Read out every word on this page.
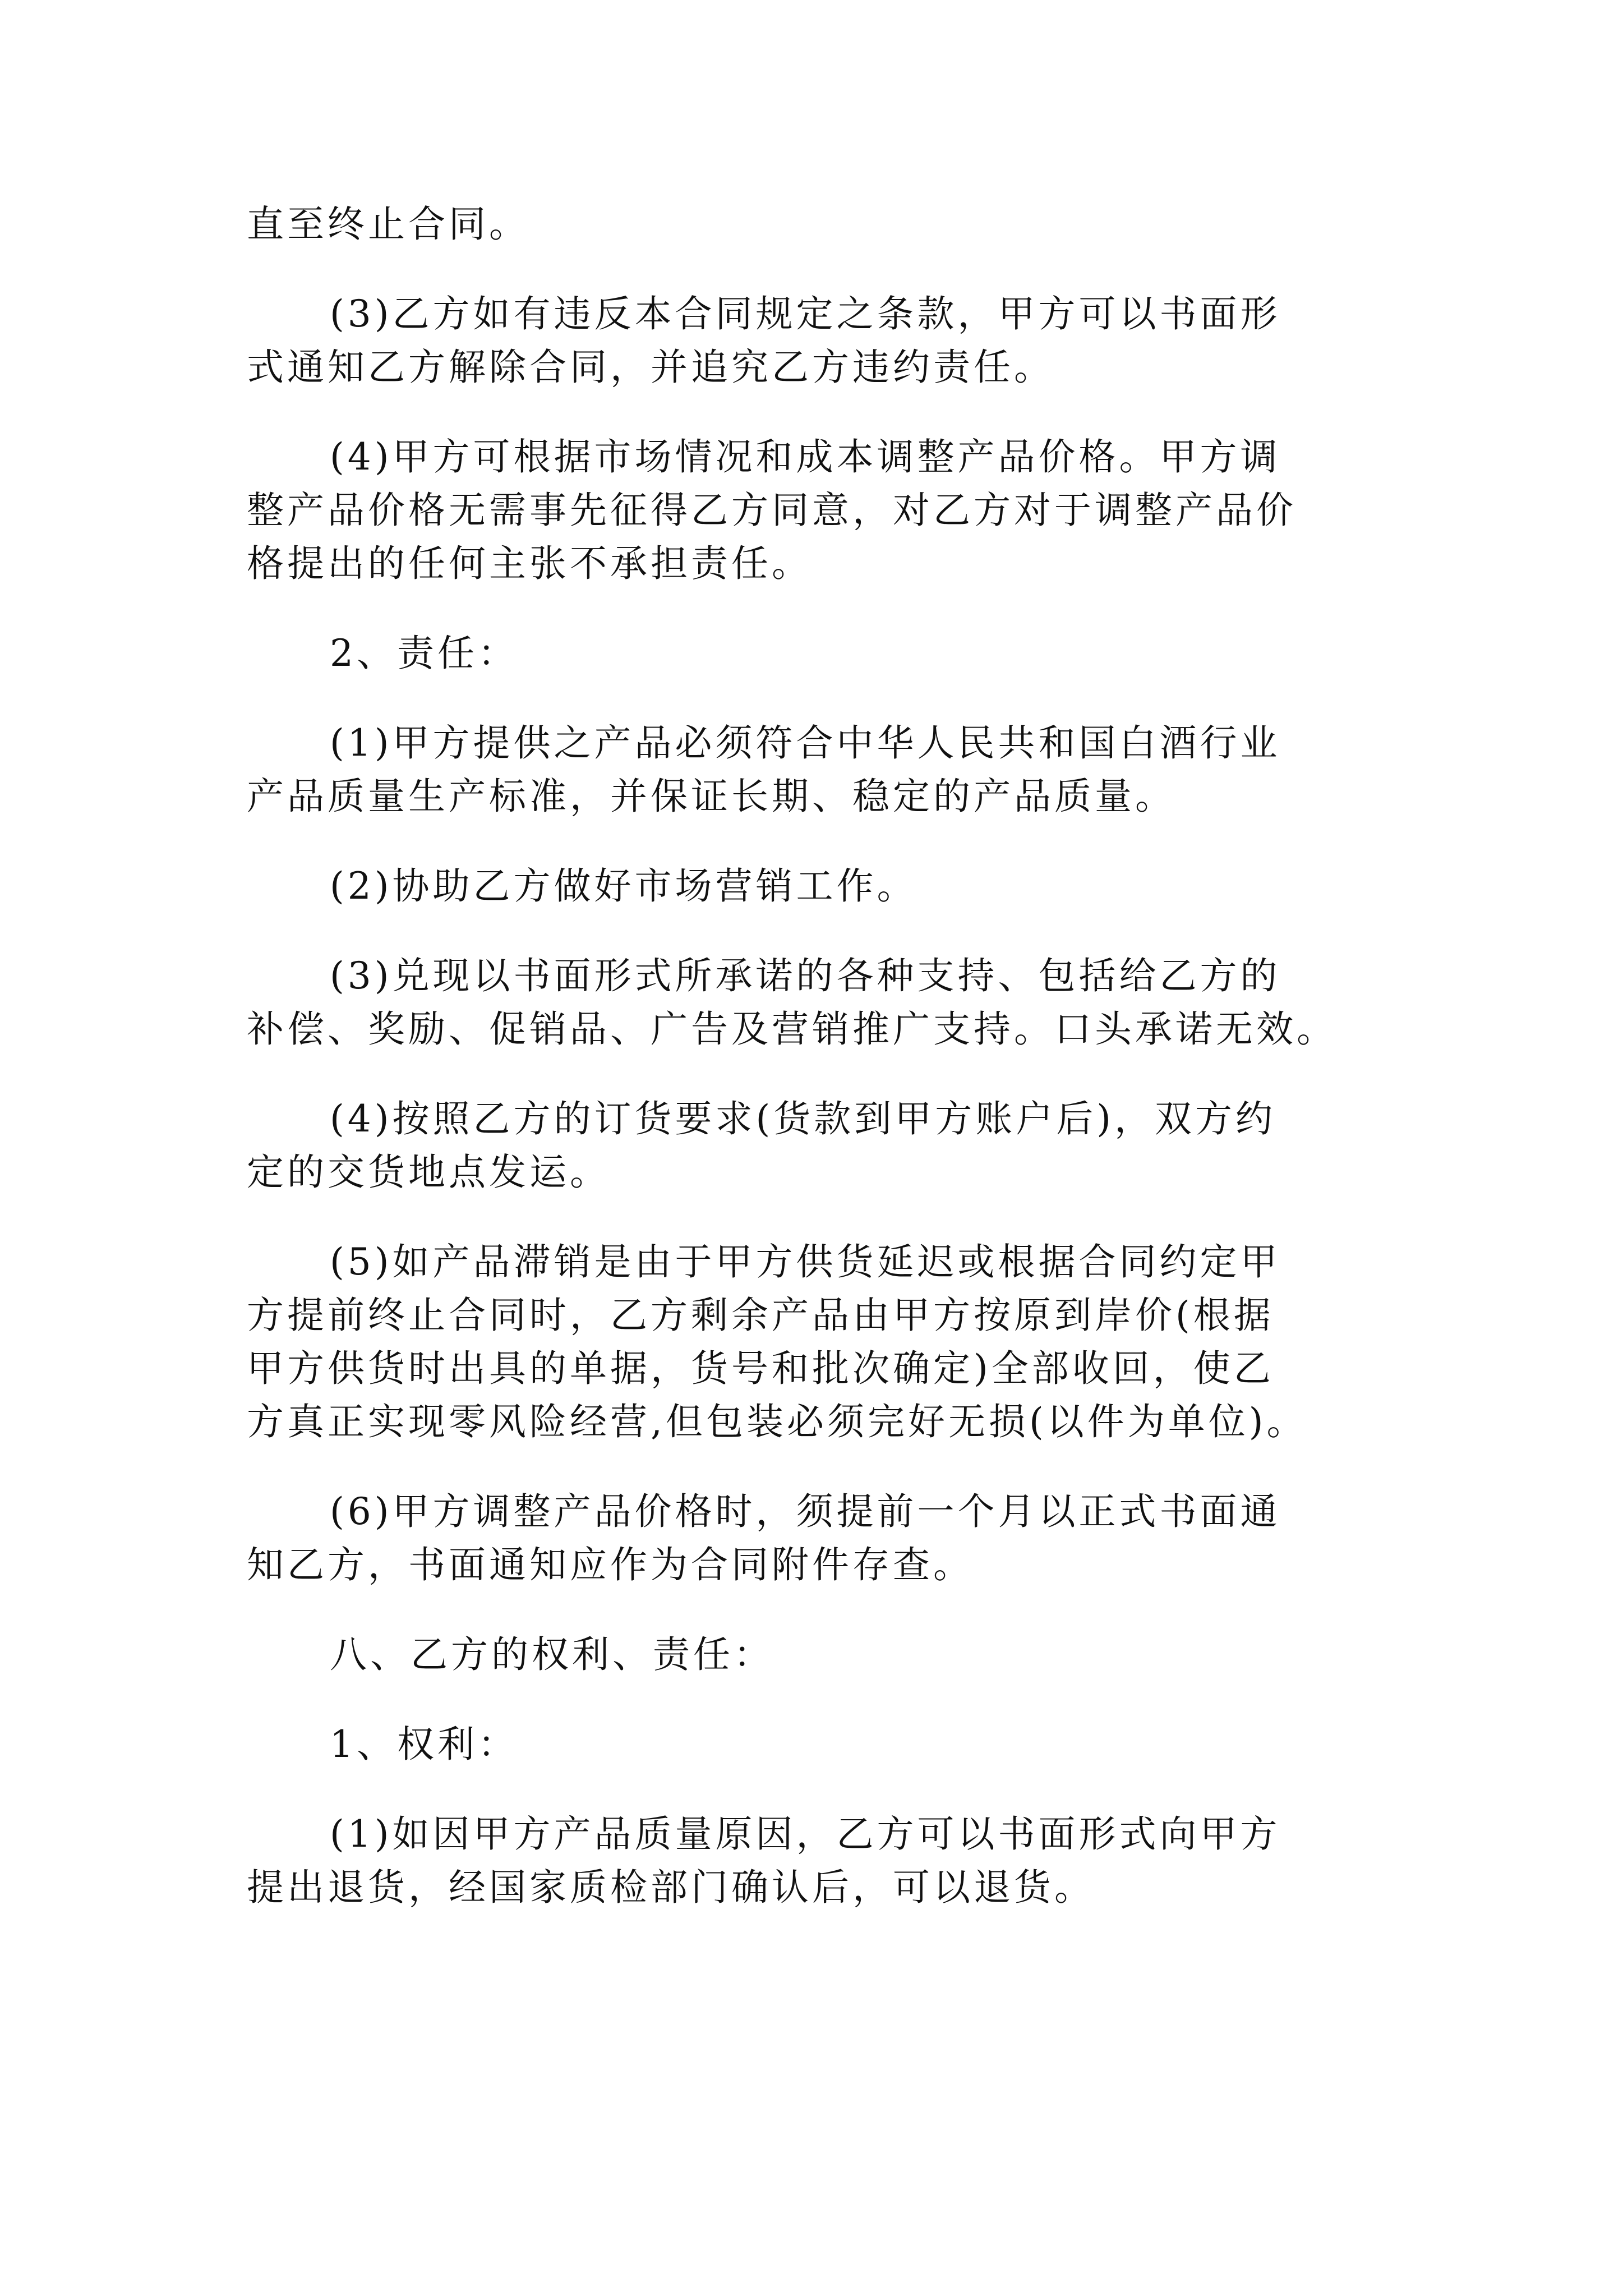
直至终止合同。
(3)乙方如有违反本合同规定之条款，甲方可以书面形
式通知乙方解除合同，并追究乙方违约责任。
(4)甲方可根据市场情况和成本调整产品价格。甲方调
整产品价格无需事先征得乙方同意，对乙方对于调整产品价
格提出的任何主张不承担责任。
2、责任：
(1)甲方提供之产品必须符合中华人民共和国白酒行业
产品质量生产标准，并保证长期、稳定的产品质量。
(2)协助乙方做好市场营销工作。
(3)兑现以书面形式所承诺的各种支持、包括给乙方的
补偿、奖励、促销品、广告及营销推广支持。口头承诺无效。
(4)按照乙方的订货要求(货款到甲方账户后)，双方约
定的交货地点发运。
(5)如产品滞销是由于甲方供货延迟或根据合同约定甲
方提前终止合同时，乙方剩余产品由甲方按原到岸价(根据
甲方供货时出具的单据，货号和批次确定)全部收回，使乙
方真正实现零风险经营,但包装必须完好无损(以件为单位)。
(6)甲方调整产品价格时，须提前一个月以正式书面通
知乙方，书面通知应作为合同附件存查。
八、乙方的权利、责任：
1、权利：
(1)如因甲方产品质量原因，乙方可以书面形式向甲方
提出退货，经国家质检部门确认后，可以退货。
